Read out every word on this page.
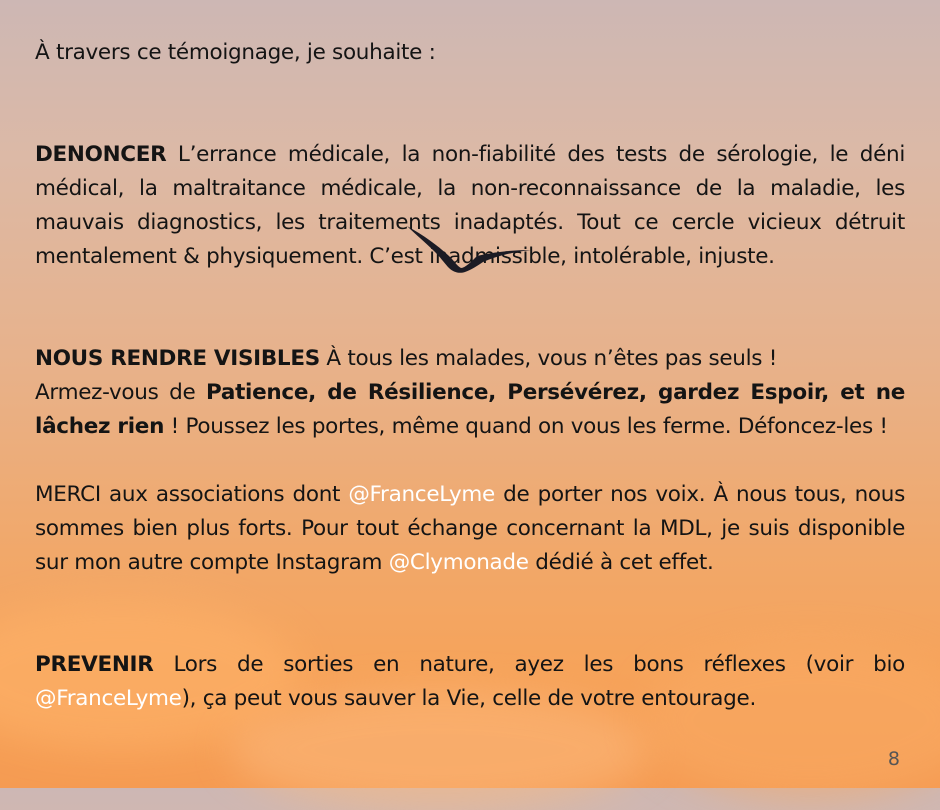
À travers ce témoignage, je souhaite :

DENONCER L’errance médicale, la non-fiabilité des tests de sérologie, le déni médical, la maltraitance médicale, la non-reconnaissance de la maladie, les mauvais diagnostics, les traitements inadaptés. Tout ce cercle vicieux détruit mentalement & physiquement. C’est inadmissible, intolérable, injuste.

NOUS RENDRE VISIBLES À tous les malades, vous n’êtes pas seuls !

Armez-vous de Patience, de Résilience, Persévérez, gardez Espoir, et ne lâchez rien ! Poussez les portes, même quand on vous les ferme. Défoncez-les !

MERCI aux associations dont @FranceLyme de porter nos voix. À nous tous, nous sommes bien plus forts. Pour tout échange concernant la MDL, je suis disponible sur mon autre compte Instagram @Clymonade dédié à cet effet.

PREVENIR Lors de sorties en nature, ayez les bons réflexes (voir bio @FranceLyme), ça peut vous sauver la Vie, celle de votre entourage.

8
